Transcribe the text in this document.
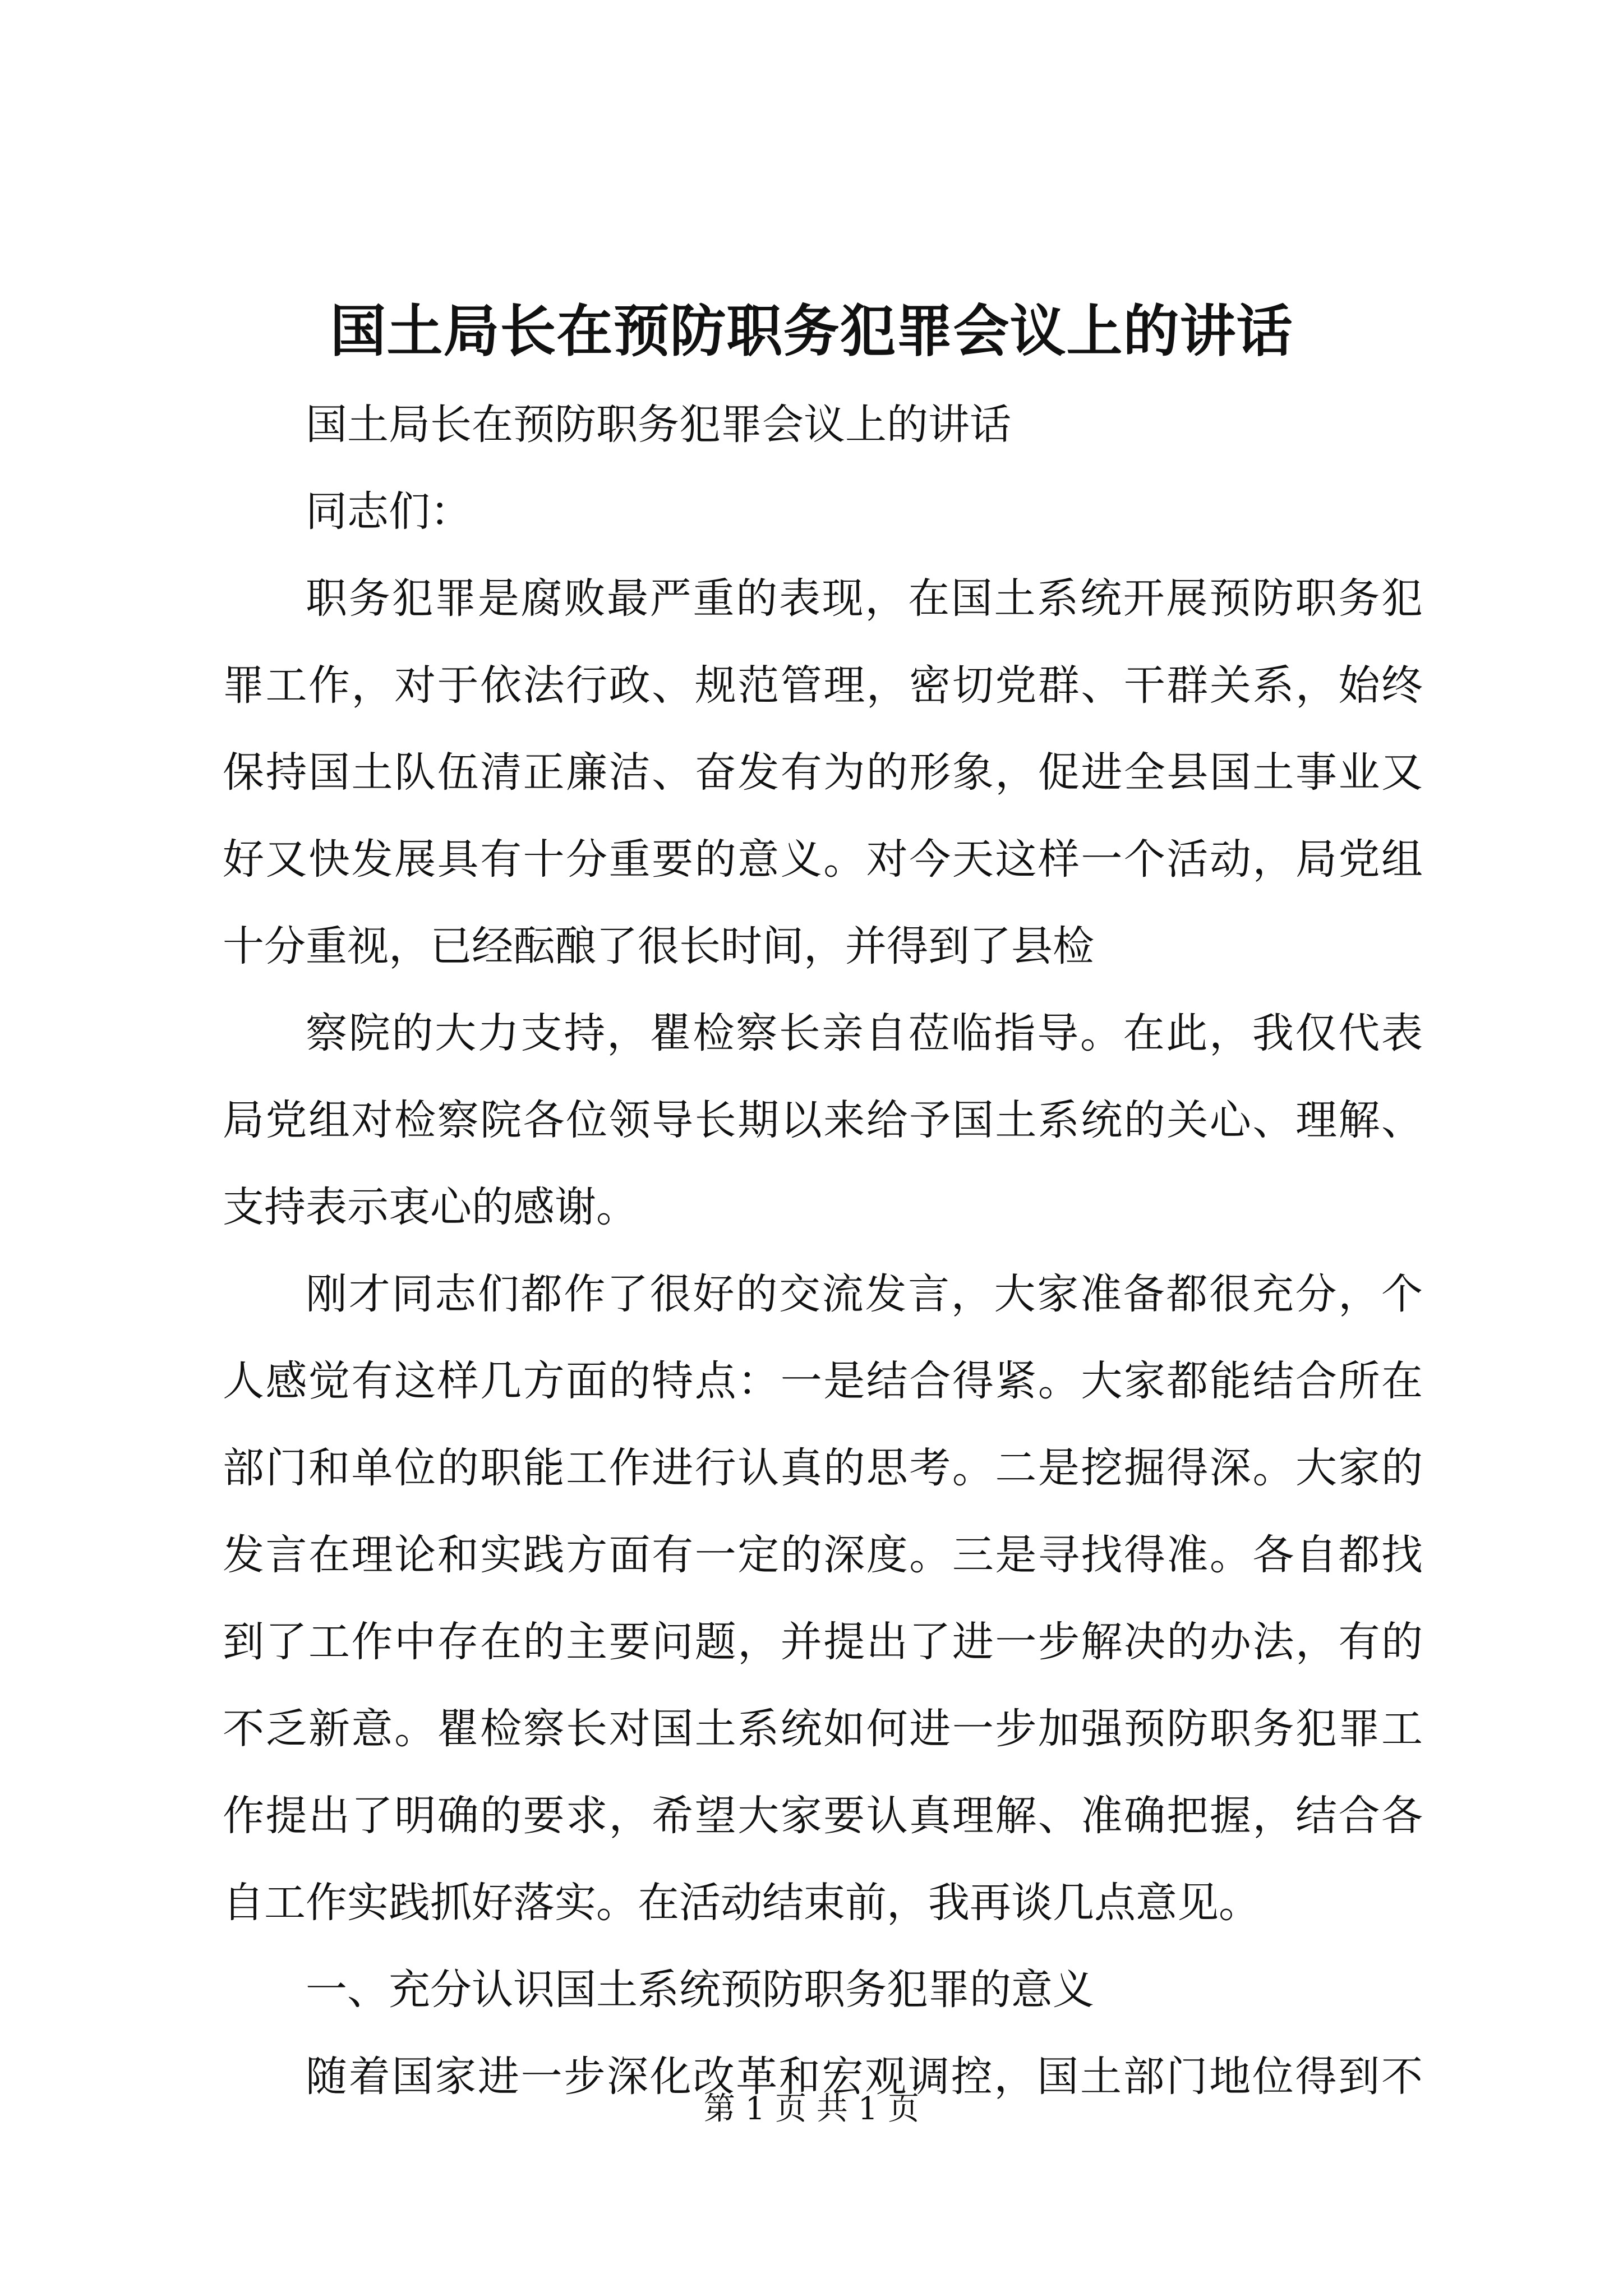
国土局长在预防职务犯罪会议上的讲话
国土局长在预防职务犯罪会议上的讲话
同志们：
职务犯罪是腐败最严重的表现，在国土系统开展预防职务犯
罪工作，对于依法行政、规范管理，密切党群、干群关系，始终
保持国土队伍清正廉洁、奋发有为的形象，促进全县国土事业又
好又快发展具有十分重要的意义。对今天这样一个活动，局党组
十分重视，已经酝酿了很长时间，并得到了县检
察院的大力支持，瞿检察长亲自莅临指导。在此，我仅代表
局党组对检察院各位领导长期以来给予国土系统的关心、理解、
支持表示衷心的感谢。
刚才同志们都作了很好的交流发言，大家准备都很充分，个
人感觉有这样几方面的特点：一是结合得紧。大家都能结合所在
部门和单位的职能工作进行认真的思考。二是挖掘得深。大家的
发言在理论和实践方面有一定的深度。三是寻找得准。各自都找
到了工作中存在的主要问题，并提出了进一步解决的办法，有的
不乏新意。瞿检察长对国土系统如何进一步加强预防职务犯罪工
作提出了明确的要求，希望大家要认真理解、准确把握，结合各
自工作实践抓好落实。在活动结束前，我再谈几点意见。
一、充分认识国土系统预防职务犯罪的意义
随着国家进一步深化改革和宏观调控，国土部门地位得到不
第 1 页 共 1 页
